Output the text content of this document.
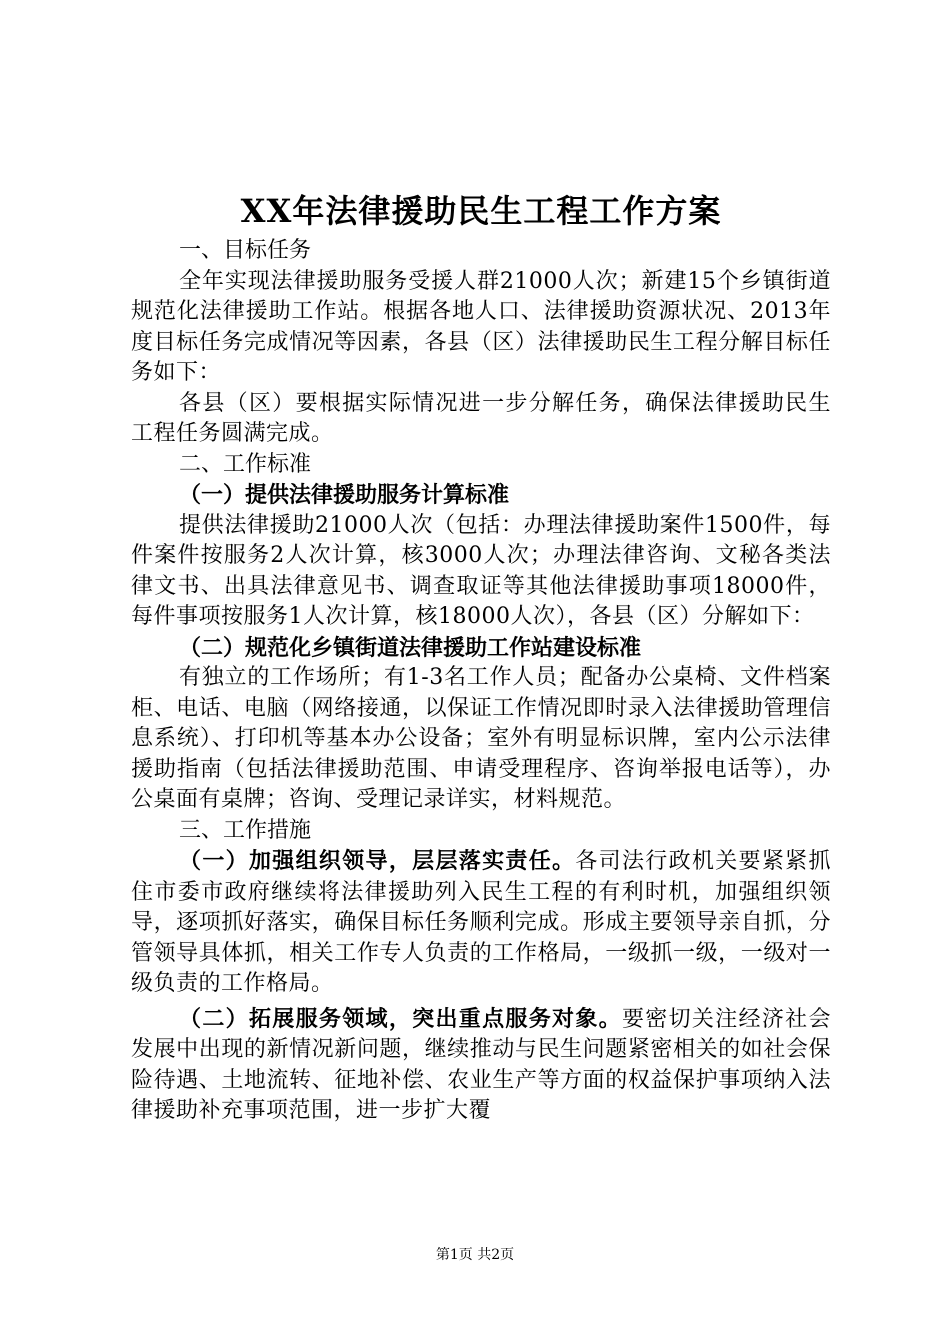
XX年法律援助民生工程工作方案
一、目标任务

全年实现法律援助服务受援人群21000人次；新建15个乡镇街道规范化法律援助工作站。根据各地人口、法律援助资源状况、2013年度目标任务完成情况等因素，各县（区）法律援助民生工程分解目标任务如下：

各县（区）要根据实际情况进一步分解任务，确保法律援助民生工程任务圆满完成。

二、工作标准
（一）提供法律援助服务计算标准

提供法律援助21000人次（包括：办理法律援助案件1500件，每件案件按服务2人次计算，核3000人次；办理法律咨询、文秘各类法律文书、出具法律意见书、调查取证等其他法律援助事项18000件，每件事项按服务1人次计算，核18000人次），各县（区）分解如下：

（二）规范化乡镇街道法律援助工作站建设标准

有独立的工作场所；有1-3名工作人员；配备办公桌椅、文件档案柜、电话、电脑（网络接通，以保证工作情况即时录入法律援助管理信息系统）、打印机等基本办公设备；室外有明显标识牌，室内公示法律援助指南（包括法律援助范围、申请受理程序、咨询举报电话等），办公桌面有桌牌；咨询、受理记录详实，材料规范。

三、工作措施

（一）加强组织领导，层层落实责任。各司法行政机关要紧紧抓住市委市政府继续将法律援助列入民生工程的有利时机，加强组织领导，逐项抓好落实，确保目标任务顺利完成。形成主要领导亲自抓，分管领导具体抓，相关工作专人负责的工作格局，一级抓一级，一级对一级负责的工作格局。

（二）拓展服务领域，突出重点服务对象。要密切关注经济社会发展中出现的新情况新问题，继续推动与民生问题紧密相关的如社会保险待遇、土地流转、征地补偿、农业生产等方面的权益保护事项纳入法律援助补充事项范围，进一步扩大覆

第1页 共2页
